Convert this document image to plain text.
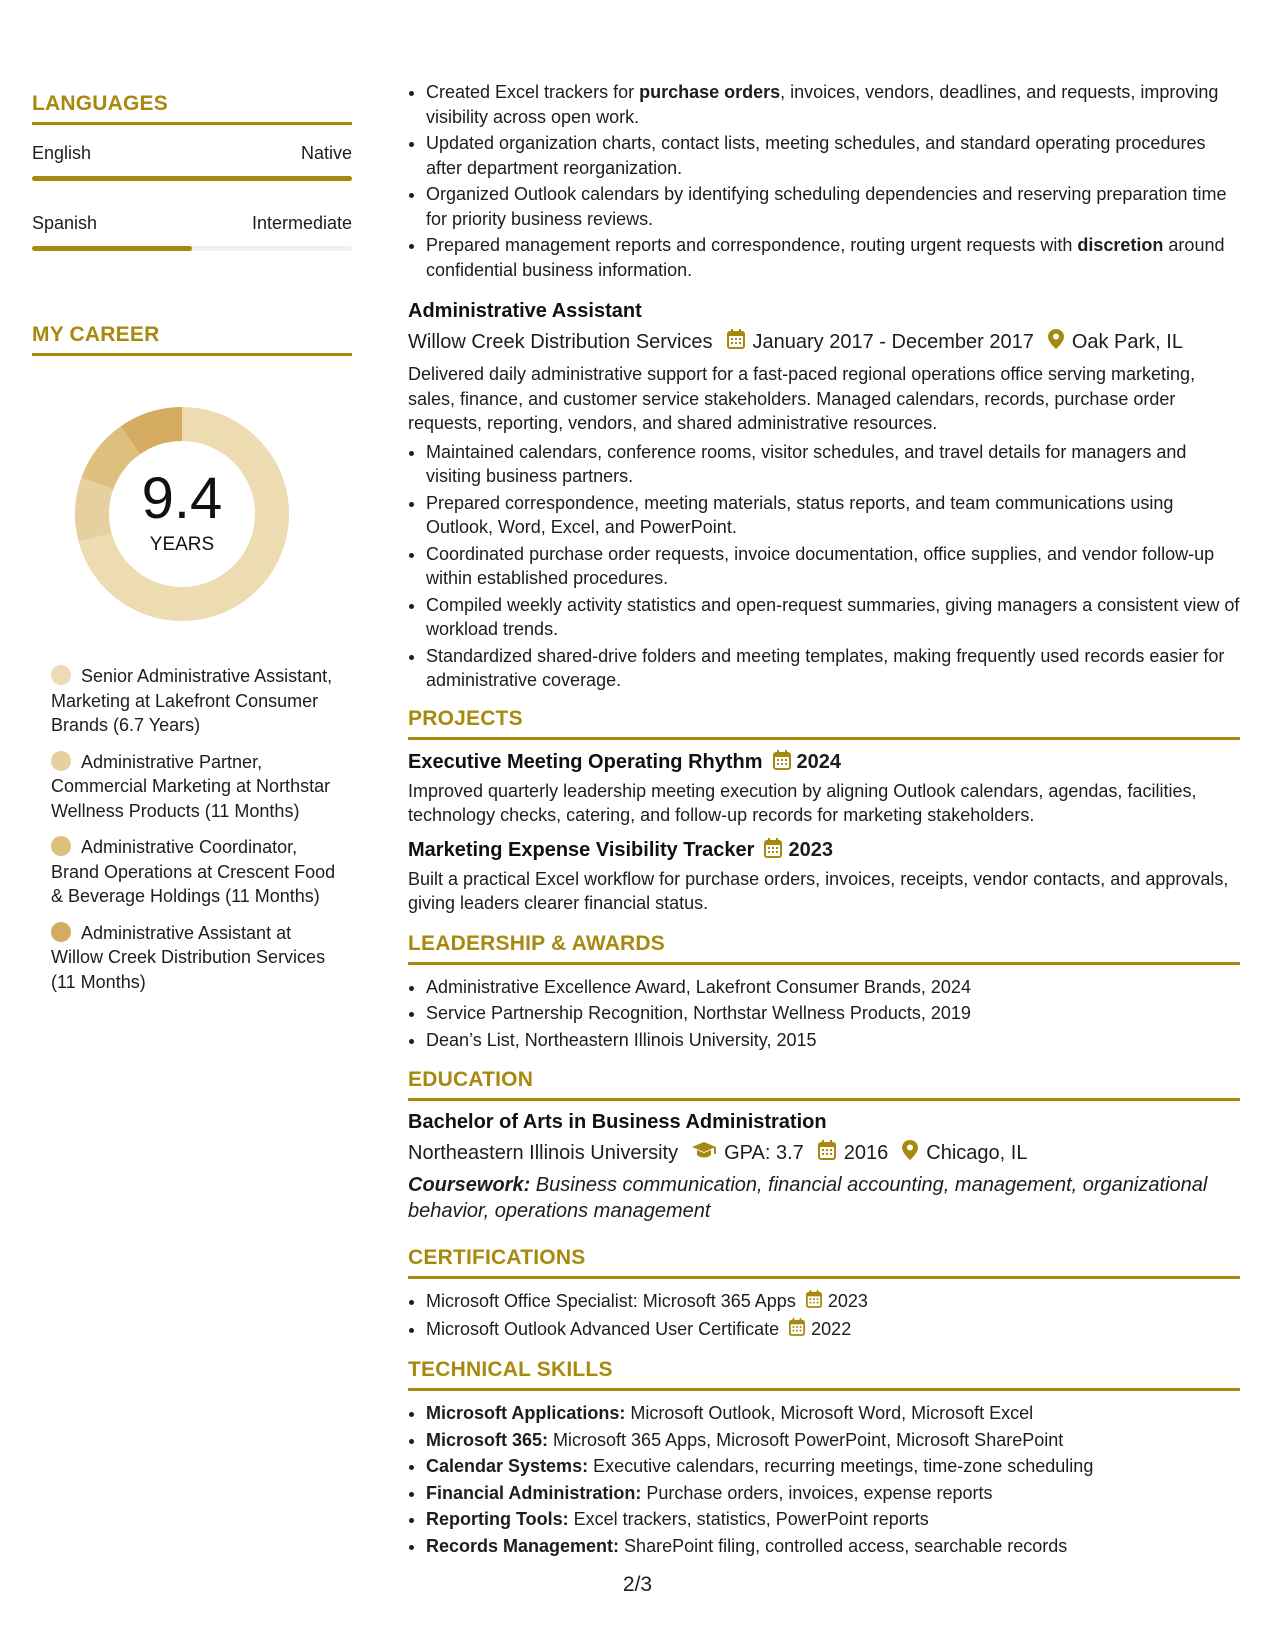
LANGUAGES
English	Native
Spanish	Intermediate
MY CAREER
9.4
YEARS
Senior Administrative Assistant, Marketing at Lakefront Consumer Brands (6.7 Years)
Administrative Partner, Commercial Marketing at Northstar Wellness Products (11 Months)
Administrative Coordinator, Brand Operations at Crescent Food & Beverage Holdings (11 Months)
Administrative Assistant at Willow Creek Distribution Services (11 Months)
• Created Excel trackers for purchase orders, invoices, vendors, deadlines, and requests, improving visibility across open work.
• Updated organization charts, contact lists, meeting schedules, and standard operating procedures after department reorganization.
• Organized Outlook calendars by identifying scheduling dependencies and reserving preparation time for priority business reviews.
• Prepared management reports and correspondence, routing urgent requests with discretion around confidential business information.
Administrative Assistant
Willow Creek Distribution Services January 2017 - December 2017 Oak Park, IL
Delivered daily administrative support for a fast-paced regional operations office serving marketing, sales, finance, and customer service stakeholders. Managed calendars, records, purchase order requests, reporting, vendors, and shared administrative resources.
• Maintained calendars, conference rooms, visitor schedules, and travel details for managers and visiting business partners.
• Prepared correspondence, meeting materials, status reports, and team communications using Outlook, Word, Excel, and PowerPoint.
• Coordinated purchase order requests, invoice documentation, office supplies, and vendor follow-up within established procedures.
• Compiled weekly activity statistics and open-request summaries, giving managers a consistent view of workload trends.
• Standardized shared-drive folders and meeting templates, making frequently used records easier for administrative coverage.
PROJECTS
Executive Meeting Operating Rhythm 2024
Improved quarterly leadership meeting execution by aligning Outlook calendars, agendas, facilities, technology checks, catering, and follow-up records for marketing stakeholders.
Marketing Expense Visibility Tracker 2023
Built a practical Excel workflow for purchase orders, invoices, receipts, vendor contacts, and approvals, giving leaders clearer financial status.
LEADERSHIP & AWARDS
• Administrative Excellence Award, Lakefront Consumer Brands, 2024
• Service Partnership Recognition, Northstar Wellness Products, 2019
• Dean’s List, Northeastern Illinois University, 2015
EDUCATION
Bachelor of Arts in Business Administration
Northeastern Illinois University GPA: 3.7 2016 Chicago, IL
Coursework: Business communication, financial accounting, management, organizational behavior, operations management
CERTIFICATIONS
• Microsoft Office Specialist: Microsoft 365 Apps 2023
• Microsoft Outlook Advanced User Certificate 2022
TECHNICAL SKILLS
• Microsoft Applications: Microsoft Outlook, Microsoft Word, Microsoft Excel
• Microsoft 365: Microsoft 365 Apps, Microsoft PowerPoint, Microsoft SharePoint
• Calendar Systems: Executive calendars, recurring meetings, time-zone scheduling
• Financial Administration: Purchase orders, invoices, expense reports
• Reporting Tools: Excel trackers, statistics, PowerPoint reports
• Records Management: SharePoint filing, controlled access, searchable records
2/3
